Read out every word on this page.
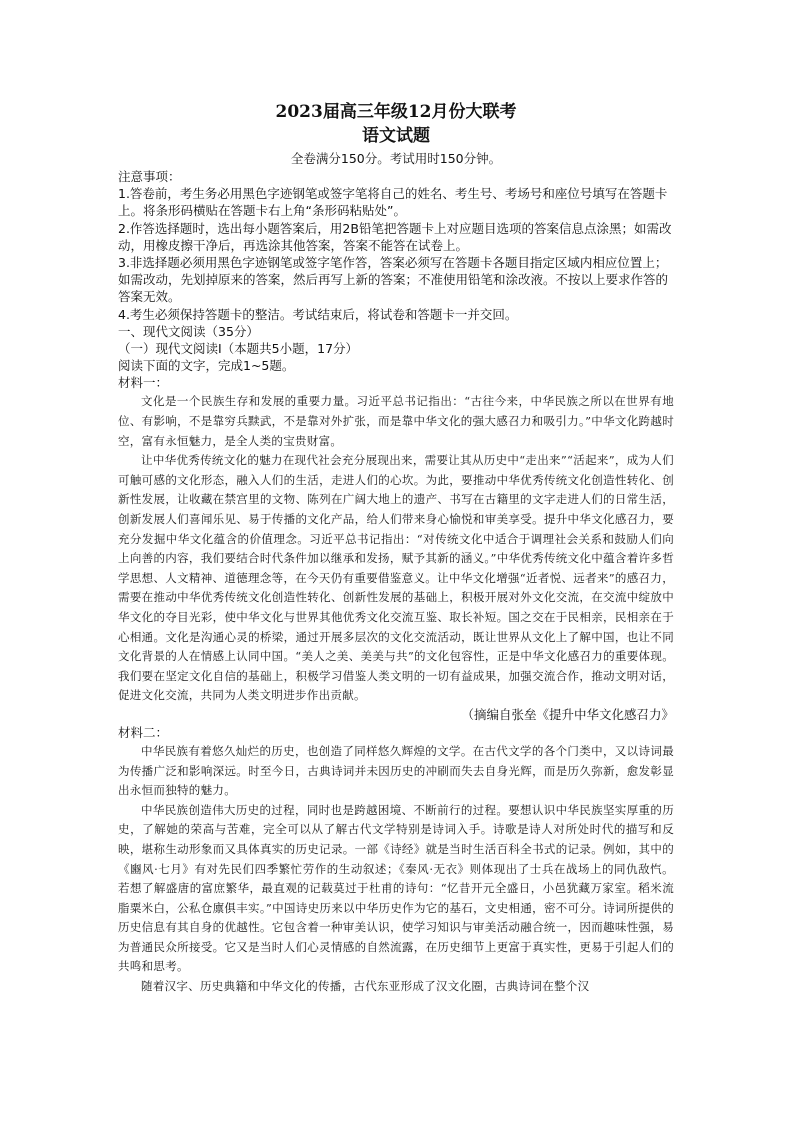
2023届高三年级12月份大联考

语文试题

全卷满分150分。考试用时150分钟。

注意事项：

1.答卷前，考生务必用黑色字迹钢笔或签字笔将自己的姓名、考生号、考场号和座位号填写在答题卡上。将条形码横贴在答题卡右上角“条形码粘贴处”。

2.作答选择题时，选出每小题答案后，用2B铅笔把答题卡上对应题目选项的答案信息点涂黑；如需改动，用橡皮擦干净后，再选涂其他答案，答案不能答在试卷上。

3.非选择题必须用黑色字迹钢笔或签字笔作答，答案必须写在答题卡各题目指定区域内相应位置上；如需改动，先划掉原来的答案，然后再写上新的答案；不准使用铅笔和涂改液。不按以上要求作答的答案无效。

4.考生必须保持答题卡的整洁。考试结束后，将试卷和答题卡一并交回。

一、现代文阅读（35分）

（一）现代文阅读Ⅰ（本题共5小题，17分）

阅读下面的文字，完成1~5题。

材料一：

文化是一个民族生存和发展的重要力量。习近平总书记指出：“古往今来，中华民族之所以在世界有地位、有影响，不是靠穷兵黩武，不是靠对外扩张，而是靠中华文化的强大感召力和吸引力。”中华文化跨越时空，富有永恒魅力，是全人类的宝贵财富。

让中华优秀传统文化的魅力在现代社会充分展现出来，需要让其从历史中“走出来”“活起来”，成为人们可触可感的文化形态，融入人们的生活，走进人们的心坎。为此，要推动中华优秀传统文化创造性转化、创新性发展，让收藏在禁宫里的文物、陈列在广阔大地上的遗产、书写在古籍里的文字走进人们的日常生活，创新发展人们喜闻乐见、易于传播的文化产品，给人们带来身心愉悦和审美享受。提升中华文化感召力，要充分发掘中华文化蕴含的价值理念。习近平总书记指出：“对传统文化中适合于调理社会关系和鼓励人们向上向善的内容，我们要结合时代条件加以继承和发扬，赋予其新的涵义。”中华优秀传统文化中蕴含着许多哲学思想、人文精神、道德理念等，在今天仍有重要借鉴意义。让中华文化增强“近者悦、远者来”的感召力，需要在推动中华优秀传统文化创造性转化、创新性发展的基础上，积极开展对外文化交流，在交流中绽放中华文化的夺目光彩，使中华文化与世界其他优秀文化交流互鉴、取长补短。国之交在于民相亲，民相亲在于心相通。文化是沟通心灵的桥梁，通过开展多层次的文化交流活动，既让世界从文化上了解中国，也让不同文化背景的人在情感上认同中国。“美人之美、美美与共”的文化包容性，正是中华文化感召力的重要体现。我们要在坚定文化自信的基础上，积极学习借鉴人类文明的一切有益成果，加强交流合作，推动文明对话，促进文化交流，共同为人类文明进步作出贡献。

（摘编自张垒《提升中华文化感召力》

材料二：

中华民族有着悠久灿烂的历史，也创造了同样悠久辉煌的文学。在古代文学的各个门类中，又以诗词最为传播广泛和影响深远。时至今日，古典诗词并未因历史的冲刷而失去自身光辉，而是历久弥新，愈发彰显出永恒而独特的魅力。

中华民族创造伟大历史的过程，同时也是跨越困境、不断前行的过程。要想认识中华民族坚实厚重的历史，了解她的荣高与苦难，完全可以从了解古代文学特别是诗词入手。诗歌是诗人对所处时代的描写和反映，堪称生动形象而又具体真实的历史记录。一部《诗经》就是当时生活百科全书式的记录。例如，其中的《豳风·七月》有对先民们四季繁忙劳作的生动叙述；《秦风·无衣》则体现出了士兵在战场上的同仇敌忾。若想了解盛唐的富庶繁华，最直观的记载莫过于杜甫的诗句：“忆昔开元全盛日，小邑犹藏万家室。稻米流脂粟米白，公私仓廪俱丰实。”中国诗史历来以中华历史作为它的基石，文史相通，密不可分。诗词所提供的历史信息有其自身的优越性。它包含着一种审美认识，使学习知识与审美活动融合统一，因而趣味性强，易为普通民众所接受。它又是当时人们心灵情感的自然流露，在历史细节上更富于真实性，更易于引起人们的共鸣和思考。

随着汉字、历史典籍和中华文化的传播，古代东亚形成了汉文化圈，古典诗词在整个汉
